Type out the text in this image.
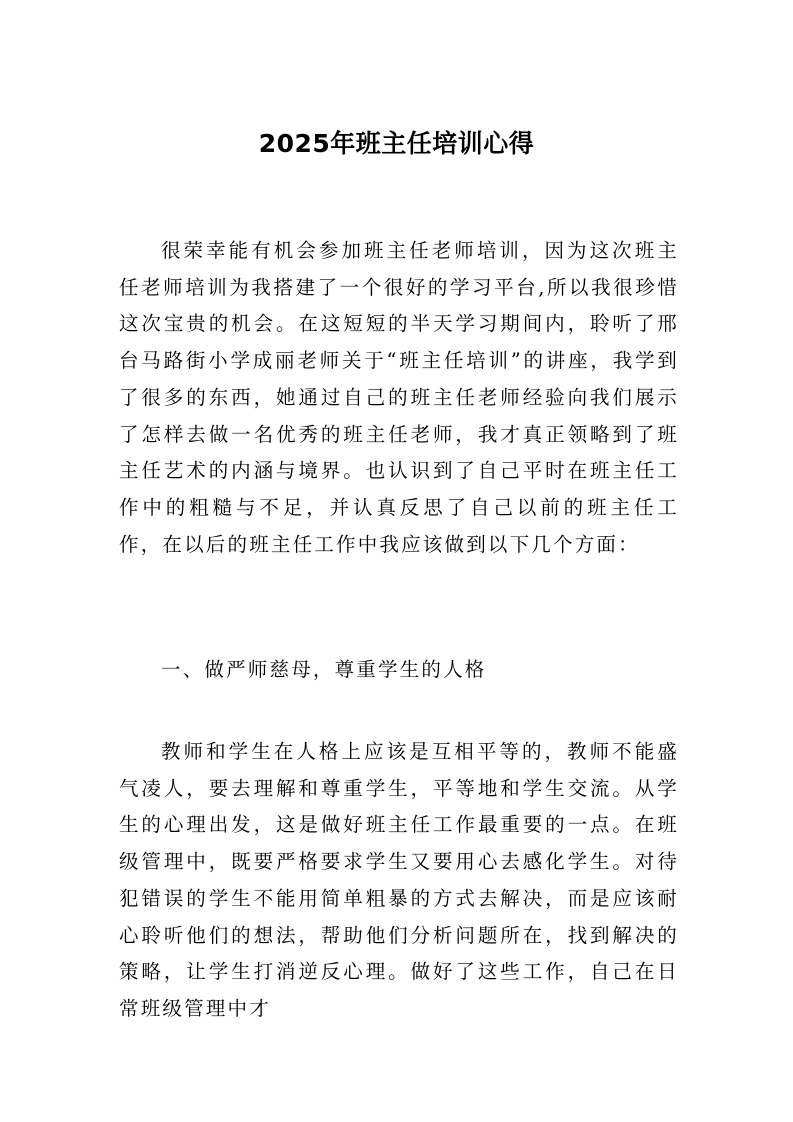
2025年班主任培训心得

很荣幸能有机会参加班主任老师培训，因为这次班主任老师培训为我搭建了一个很好的学习平台,所以我很珍惜这次宝贵的机会。在这短短的半天学习期间内，聆听了邢台马路街小学成丽老师关于“班主任培训”的讲座，我学到了很多的东西，她通过自己的班主任老师经验向我们展示了怎样去做一名优秀的班主任老师，我才真正领略到了班主任艺术的内涵与境界。也认识到了自己平时在班主任工作中的粗糙与不足，并认真反思了自己以前的班主任工作，在以后的班主任工作中我应该做到以下几个方面：

一、做严师慈母，尊重学生的人格

教师和学生在人格上应该是互相平等的，教师不能盛气凌人，要去理解和尊重学生，平等地和学生交流。从学生的心理出发，这是做好班主任工作最重要的一点。在班级管理中，既要严格要求学生又要用心去感化学生。对待犯错误的学生不能用简单粗暴的方式去解决，而是应该耐心聆听他们的想法，帮助他们分析问题所在，找到解决的策略，让学生打消逆反心理。做好了这些工作，自己在日常班级管理中才
